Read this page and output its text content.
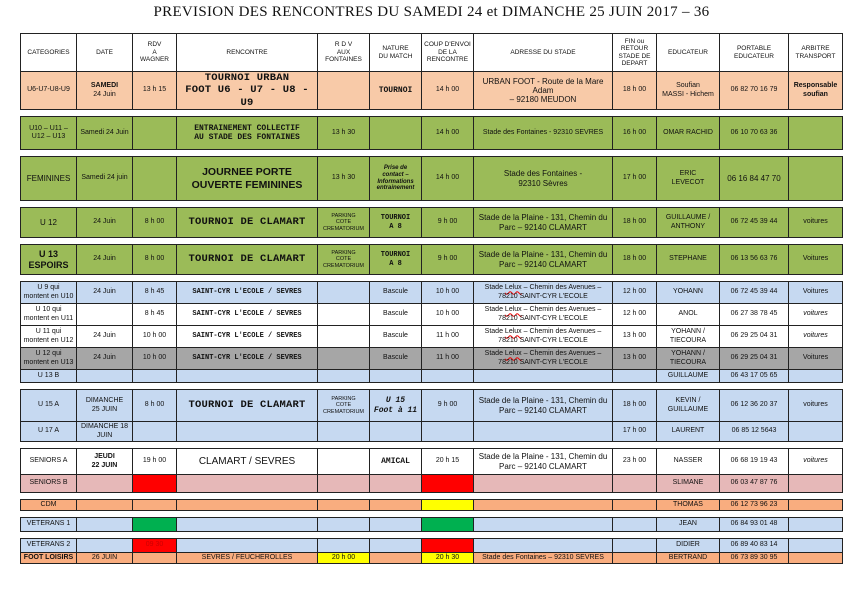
PREVISION DES RENCONTRES DU SAMEDI 24 et DIMANCHE 25 JUIN 2017 – 36
CATEGORIES	DATE	RDV
A
WAGNER	RENCONTRE	R D V
AUX
FONTAINES	NATURE
DU MATCH	COUP D'ENVOI
DE LA
RENCONTRE	ADRESSE DU STADE	FIN ou
RETOUR
STADE DE
DEPART	EDUCATEUR	PORTABLE
EDUCATEUR	ARBITRE
TRANSPORT
U6-U7-U8-U9	SAMEDI
24 Juin	13 h 15	TOURNOI URBAN
FOOT U6 - U7 - U8 - U9		TOURNOI	14 h 00	URBAN FOOT - Route de la Mare Adam
– 92180 MEUDON	18 h 00	Soufian
MASSI - Hichem	06 82 70 16 79	Responsable
soufian

U10 – U11 –
U12 – U13	Samedi 24 Juin		ENTRAINEMENT COLLECTIF
AU STADE DES FONTAINES	13 h 30		14 h 00	Stade des Fontaines - 92310 SEVRES	16 h 00	OMAR RACHID	06 10 70 63 36	

FEMININES	Samedi 24 juin		JOURNEE PORTE
OUVERTE FEMININES	13 h 30	Prise de
contact –
Informations
entrainement	14 h 00	Stade des Fontaines -
92310 Sèvres	17 h 00	ERIC
LEVECOT	06 16 84 47 70	

U 12	24 Juin	8 h 00	TOURNOI DE CLAMART	PARKING
COTE
CREMATORIUM	TOURNOI
A 8	9 h 00	Stade de la Plaine - 131, Chemin du
Parc – 92140 CLAMART	18 h 00	GUILLAUME /
ANTHONY	06 72 45 39 44	voitures

U 13
ESPOIRS	24 Juin	8 h 00	TOURNOI DE CLAMART	PARKING
COTE
CREMATORIUM	TOURNOI
A 8	9 h 00	Stade de la Plaine - 131, Chemin du
Parc – 92140 CLAMART	18 h 00	STEPHANE	06 13 56 63 76	Voitures

U 9 qui
montent en U10	24 Juin	8 h 45	SAINT-CYR L'ECOLE / SEVRES		Bascule	10 h 00	Stade Lelux – Chemin des Avenues –
78210 SAINT-CYR L'ECOLE	12 h 00	YOHANN	06 72 45 39 44	Voitures
U 10 qui
montent en U11		8 h 45	SAINT-CYR L'ECOLE / SEVRES		Bascule	10 h 00	Stade Lelux – Chemin des Avenues –
78210 SAINT-CYR L'ECOLE	12 h 00	ANOL	06 27 38 78 45	voitures
U 11 qui
montent en U12	24 Juin	10 h 00	SAINT-CYR L'ECOLE / SEVRES		Bascule	11 h 00	Stade Lelux – Chemin des Avenues –
78210 SAINT-CYR L'ECOLE	13 h 00	YOHANN /
TIECOURA	06 29 25 04 31	voitures
U 12 qui
montent en U13	24 Juin	10 h 00	SAINT-CYR L'ECOLE / SEVRES		Bascule	11 h 00	Stade Lelux – Chemin des Avenues –
78210 SAINT-CYR L'ECOLE	13 h 00	YOHANN /
TIECOURA	06 29 25 04 31	Voitures
U 13 B									GUILLAUME	06 43 17 05 65	

U 15 A	DIMANCHE
25 JUIN	8 h 00	TOURNOI DE CLAMART	PARKING
COTE
CREMATORIUM	U 15
Foot à 11	9 h 00	Stade de la Plaine - 131, Chemin du
Parc – 92140 CLAMART	18 h 00	KEVIN /
GUILLAUME	06 12 36 20 37	voitures
U 17 A	DIMANCHE 18
JUIN							17 h 00	LAURENT	06 85 12 5643	

SENIORS A	JEUDI
22 JUIN	19 h 00	CLAMART / SEVRES		AMICAL	20 h 15	Stade de la Plaine - 131, Chemin du
Parc – 92140 CLAMART	23 h 00	NASSER	06 68 19 19 43	voitures
SENIORS B									SLIMANE	06 03 47 87 76	

CDM									THOMAS	06 12 73 96 23	

VETERANS 1									JEAN	06 84 93 01 48	

VETERANS 2		09 30							DIDIER	06 89 40 83 14	
FOOT LOISIRS	26 JUIN		SEVRES / FEUCHEROLLES	20 h 00		20 h 30	Stade des Fontaines – 92310 SEVRES		BERTRAND	06 73 89 30 95	
